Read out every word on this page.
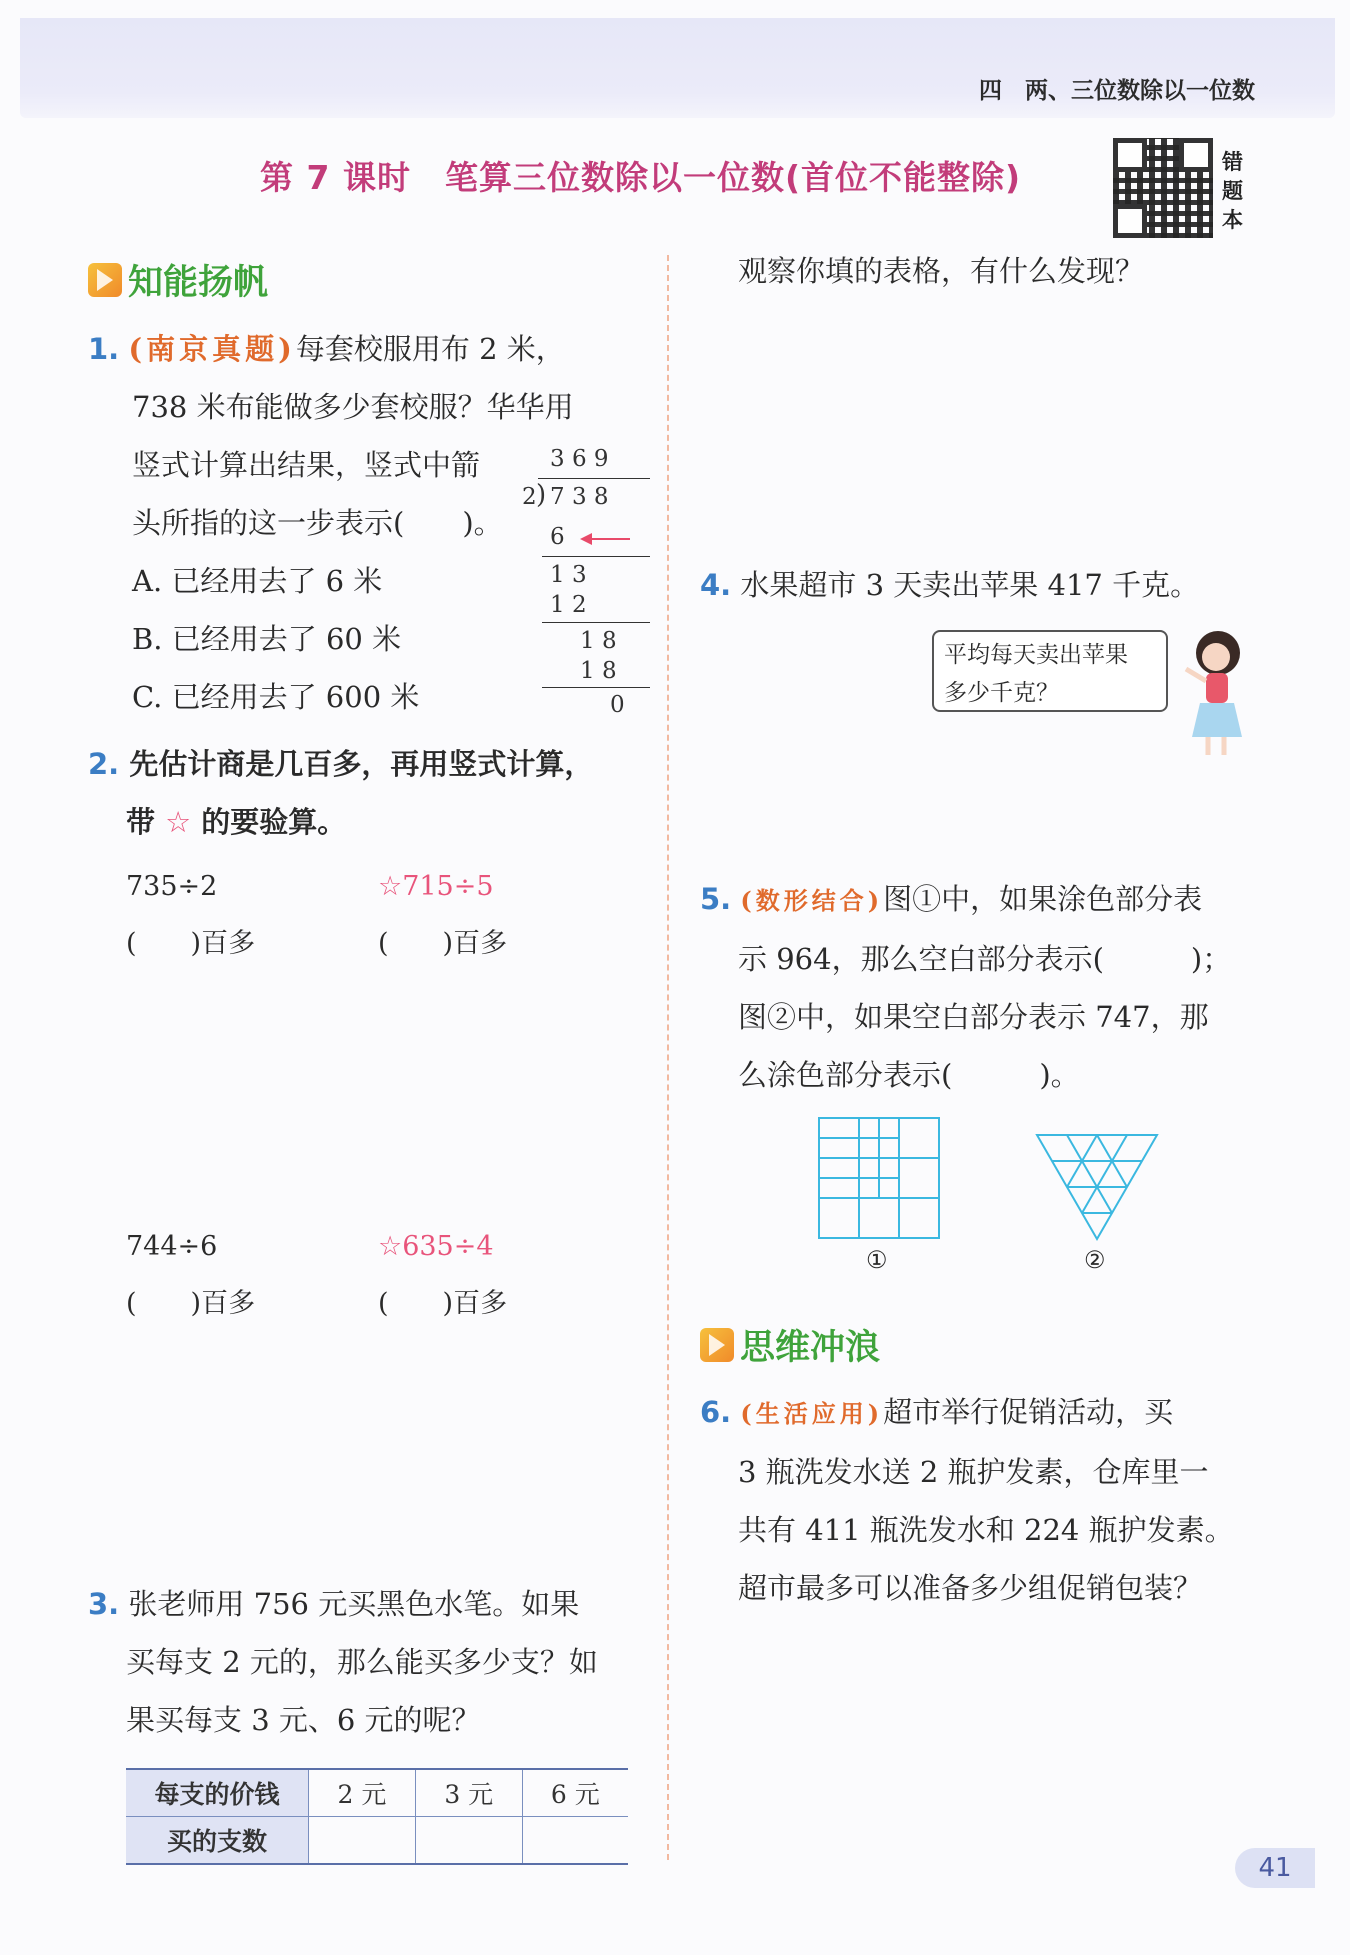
四　两、三位数除以一位数
第 7 课时　笔算三位数除以一位数(首位不能整除)	错题本
知能扬帆
1. (南京真题)每套校服用布 2 米，
738 米布能做多少套校服？华华用
竖式计算出结果，竖式中箭
头所指的这一步表示(　　)。
A. 已经用去了 6 米
B. 已经用去了 60 米
C. 已经用去了 600 米
3 6 9
2 ) 7 3 8
6
1 3
1 2
1 8
1 8
0
2. 先估计商是几百多，再用竖式计算，
带 ☆ 的要验算。
735÷2	☆715÷5
(　　)百多	(　　)百多
744÷6	☆635÷4
(　　)百多	(　　)百多
3. 张老师用 756 元买黑色水笔。如果
买每支 2 元的，那么能买多少支？如
果买每支 3 元、6 元的呢？
每支的价钱	2 元	3 元	6 元
买的支数			
观察你填的表格，有什么发现？
4. 水果超市 3 天卖出苹果 417 千克。
平均每天卖出苹果
多少千克？
5. (数形结合)图①中，如果涂色部分表
示 964，那么空白部分表示(　　　)；
图②中，如果空白部分表示 747，那
么涂色部分表示(　　　)。
①	②
思维冲浪
6. (生活应用)超市举行促销活动，买
3 瓶洗发水送 2 瓶护发素，仓库里一
共有 411 瓶洗发水和 224 瓶护发素。
超市最多可以准备多少组促销包装？
41
